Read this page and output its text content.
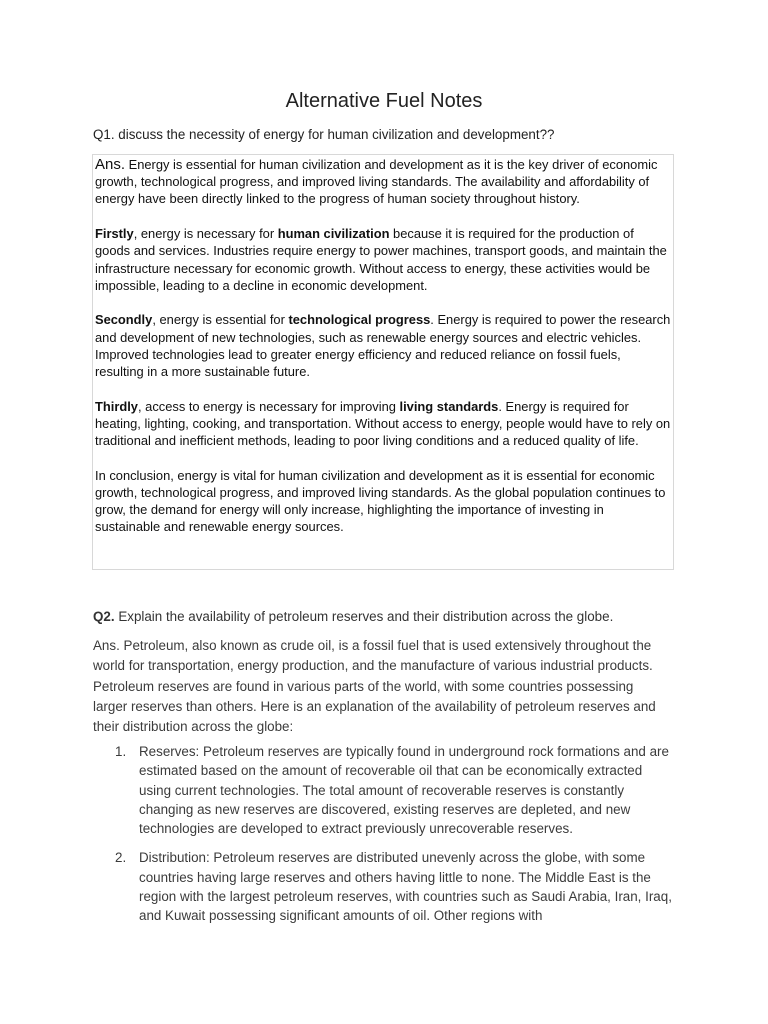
Alternative Fuel Notes
Q1. discuss the necessity of energy for human civilization and development??

Ans. Energy is essential for human civilization and development as it is the key driver of economic growth, technological progress, and improved living standards. The availability and affordability of energy have been directly linked to the progress of human society throughout history.

Firstly, energy is necessary for human civilization because it is required for the production of goods and services. Industries require energy to power machines, transport goods, and maintain the infrastructure necessary for economic growth. Without access to energy, these activities would be impossible, leading to a decline in economic development.

Secondly, energy is essential for technological progress. Energy is required to power the research and development of new technologies, such as renewable energy sources and electric vehicles. Improved technologies lead to greater energy efficiency and reduced reliance on fossil fuels, resulting in a more sustainable future.

Thirdly, access to energy is necessary for improving living standards. Energy is required for heating, lighting, cooking, and transportation. Without access to energy, people would have to rely on traditional and inefficient methods, leading to poor living conditions and a reduced quality of life.

In conclusion, energy is vital for human civilization and development as it is essential for economic growth, technological progress, and improved living standards. As the global population continues to grow, the demand for energy will only increase, highlighting the importance of investing in sustainable and renewable energy sources.

Q2. Explain the availability of petroleum reserves and their distribution across the globe.

Ans. Petroleum, also known as crude oil, is a fossil fuel that is used extensively throughout the world for transportation, energy production, and the manufacture of various industrial products. Petroleum reserves are found in various parts of the world, with some countries possessing larger reserves than others. Here is an explanation of the availability of petroleum reserves and their distribution across the globe:

1. Reserves: Petroleum reserves are typically found in underground rock formations and are estimated based on the amount of recoverable oil that can be economically extracted using current technologies. The total amount of recoverable reserves is constantly changing as new reserves are discovered, existing reserves are depleted, and new technologies are developed to extract previously unrecoverable reserves.
2. Distribution: Petroleum reserves are distributed unevenly across the globe, with some countries having large reserves and others having little to none. The Middle East is the region with the largest petroleum reserves, with countries such as Saudi Arabia, Iran, Iraq, and Kuwait possessing significant amounts of oil. Other regions with
